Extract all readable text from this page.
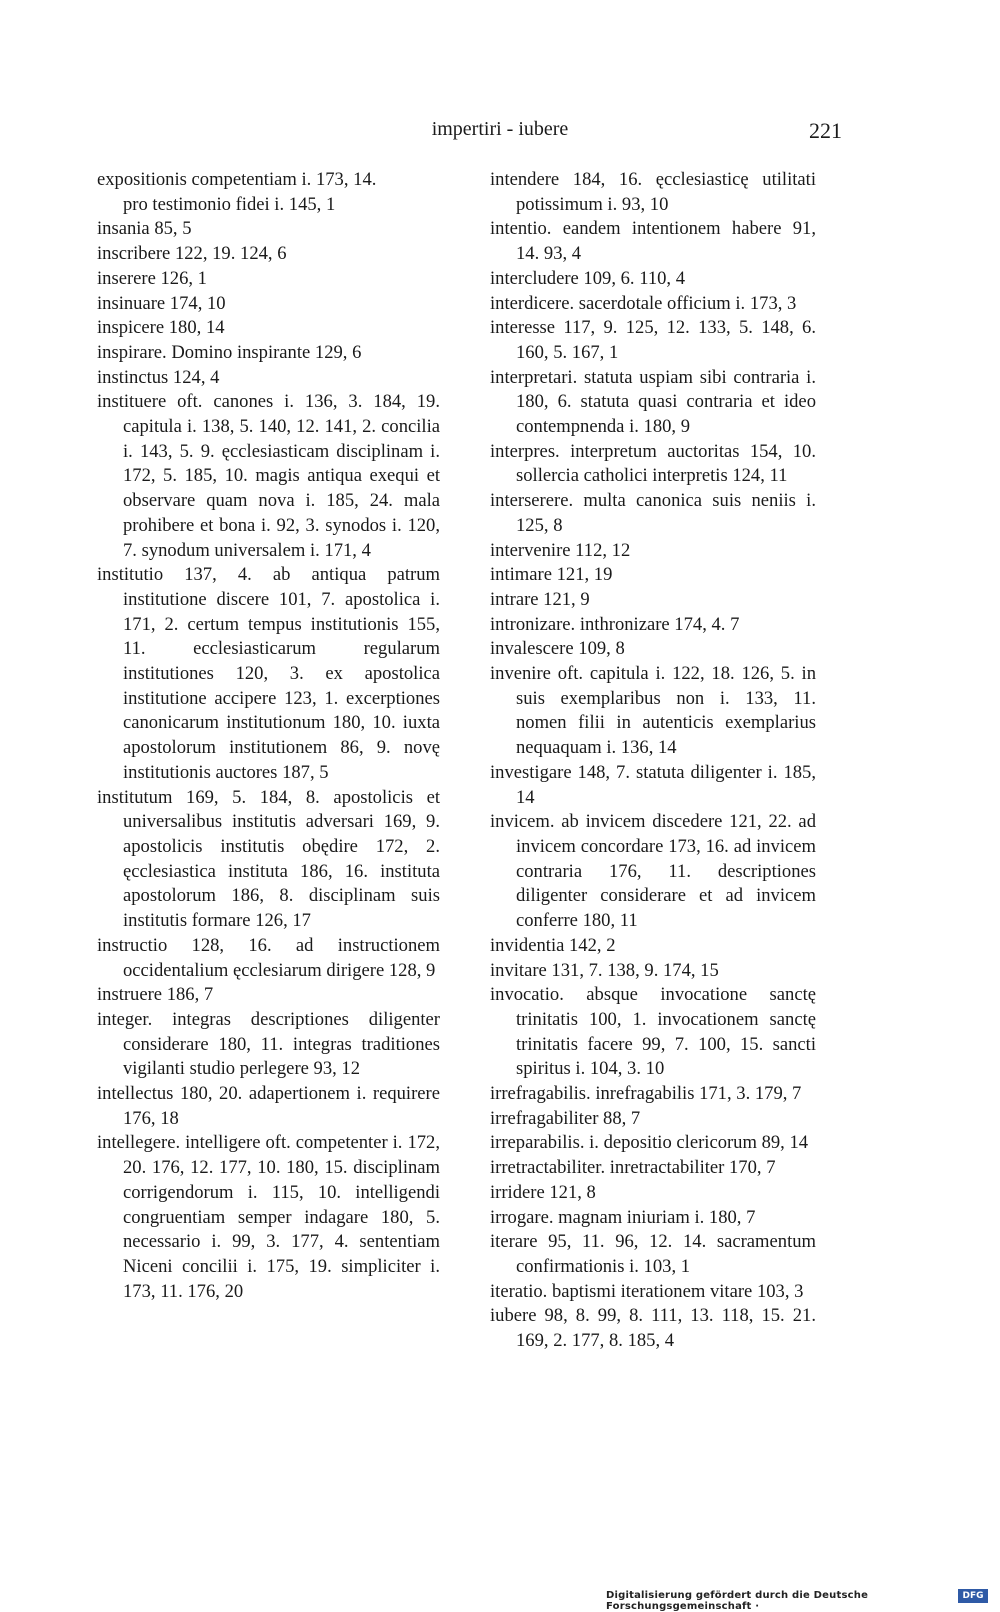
impertiri - iubere	221

expositionis competentiam i. 173, 14.

pro testimonio fidei i. 145, 1

insania 85, 5

inscribere 122, 19. 124, 6

inserere 126, 1

insinuare 174, 10

inspicere 180, 14

inspirare. Domino inspirante 129, 6

instinctus 124, 4

instituere oft. canones i. 136, 3. 184, 19. capitula i. 138, 5. 140, 12. 141, 2. concilia i. 143, 5. 9. ęcclesiasticam disciplinam i. 172, 5. 185, 10. magis antiqua exequi et observare quam nova i. 185, 24. mala prohibere et bona i. 92, 3. synodos i. 120, 7. synodum universalem i. 171, 4

institutio 137, 4. ab antiqua patrum institutione discere 101, 7. apostolica i. 171, 2. certum tempus institutionis 155, 11. ecclesiasticarum regularum institutiones 120, 3. ex apostolica institutione accipere 123, 1. excerptiones canonicarum institutionum 180, 10. iuxta apostolorum institutionem 86, 9. novę institutionis auctores 187, 5

institutum 169, 5. 184, 8. apostolicis et universalibus institutis adversari 169, 9. apostolicis institutis obędire 172, 2. ęcclesiastica instituta 186, 16. instituta apostolorum 186, 8. disciplinam suis institutis formare 126, 17

instructio 128, 16. ad instructionem occidentalium ęcclesiarum dirigere 128, 9

instruere 186, 7

integer. integras descriptiones diligenter considerare 180, 11. integras traditiones vigilanti studio perlegere 93, 12

intellectus 180, 20. adapertionem i. requirere 176, 18

intellegere. intelligere oft. competenter i. 172, 20. 176, 12. 177, 10. 180, 15. disciplinam corrigendorum i. 115, 10. intelligendi congruentiam semper indagare 180, 5. necessario i. 99, 3. 177, 4. sententiam Niceni concilii i. 175, 19. simpliciter i. 173, 11. 176, 20

intendere 184, 16. ęcclesiasticę utilitati potissimum i. 93, 10

intentio. eandem intentionem habere 91, 14. 93, 4

intercludere 109, 6. 110, 4

interdicere. sacerdotale officium i. 173, 3

interesse 117, 9. 125, 12. 133, 5. 148, 6. 160, 5. 167, 1

interpretari. statuta uspiam sibi contraria i. 180, 6. statuta quasi contraria et ideo contempnenda i. 180, 9

interpres. interpretum auctoritas 154, 10. sollercia catholici interpretis 124, 11

interserere. multa canonica suis neniis i. 125, 8

intervenire 112, 12

intimare 121, 19

intrare 121, 9

intronizare. inthronizare 174, 4. 7

invalescere 109, 8

invenire oft. capitula i. 122, 18. 126, 5. in suis exemplaribus non i. 133, 11. nomen filii in autenticis exemplarius nequaquam i. 136, 14

investigare 148, 7. statuta diligenter i. 185, 14

invicem. ab invicem discedere 121, 22. ad invicem concordare 173, 16. ad invicem contraria 176, 11. descriptiones diligenter considerare et ad invicem conferre 180, 11

invidentia 142, 2

invitare 131, 7. 138, 9. 174, 15

invocatio. absque invocatione sanctę trinitatis 100, 1. invocationem sanctę trinitatis facere 99, 7. 100, 15. sancti spiritus i. 104, 3. 10

irrefragabilis. inrefragabilis 171, 3. 179, 7

irrefragabiliter 88, 7

irreparabilis. i. depositio clericorum 89, 14

irretractabiliter. inretractabiliter 170, 7

irridere 121, 8

irrogare. magnam iniuriam i. 180, 7

iterare 95, 11. 96, 12. 14. sacramentum confirmationis i. 103, 1

iteratio. baptismi iterationem vitare 103, 3

iubere 98, 8. 99, 8. 111, 13. 118, 15. 21. 169, 2. 177, 8. 185, 4

Digitalisierung gefördert durch die Deutsche Forschungsgemeinschaft ·
DFG
